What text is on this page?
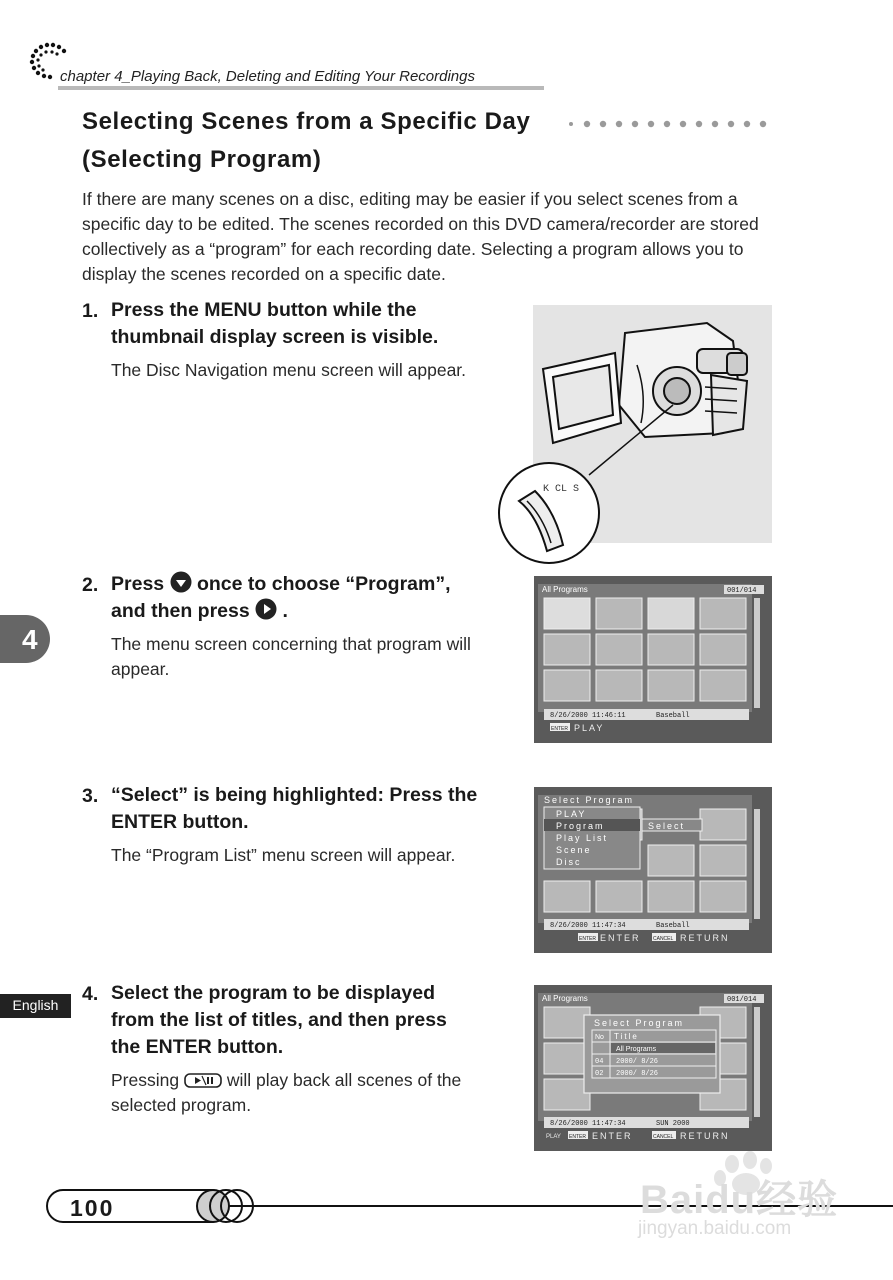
chapter 4_Playing Back, Deleting and Editing Your Recordings
Selecting Scenes from a Specific Day
(Selecting Program)

If there are many scenes on a disc, editing may be easier if you select scenes from a specific day to be edited. The scenes recorded on this DVD camera/recorder are stored collectively as a “program” for each recording date. Selecting a program allows you to display the scenes recorded on a specific date.

1. Press the MENU button while the
thumbnail display screen is visible.
The Disc Navigation menu screen will appear.
K CL S
4
2. Press once to choose “Program”,
and then press .
The menu screen concerning that program will
appear.
All Programs	001/014
8/26/2000 11:46:11	Baseball
ENTER PLAY
3. “Select” is being highlighted: Press the
ENTER button.
The “Program List” menu screen will appear.
Select Program
PLAY
Program
Play List
Scene
Disc
Select
8/26/2000 11:47:34	Baseball
ENTER ENTER CANCEL RETURN
English	4. Select the program to be displayed
from the list of titles, and then press
the ENTER button.
Pressing	will play back all scenes of the
selected program.
All Programs	001/014
Select Program
No Title
All Programs
04 2000/ 8/26
02 2000/ 8/26
8/26/2000 11:47:34	SUN 2000
PLAY ENTER ENTER	CANCEL RETURN
100	Baidu经验
jingyan.baidu.com
